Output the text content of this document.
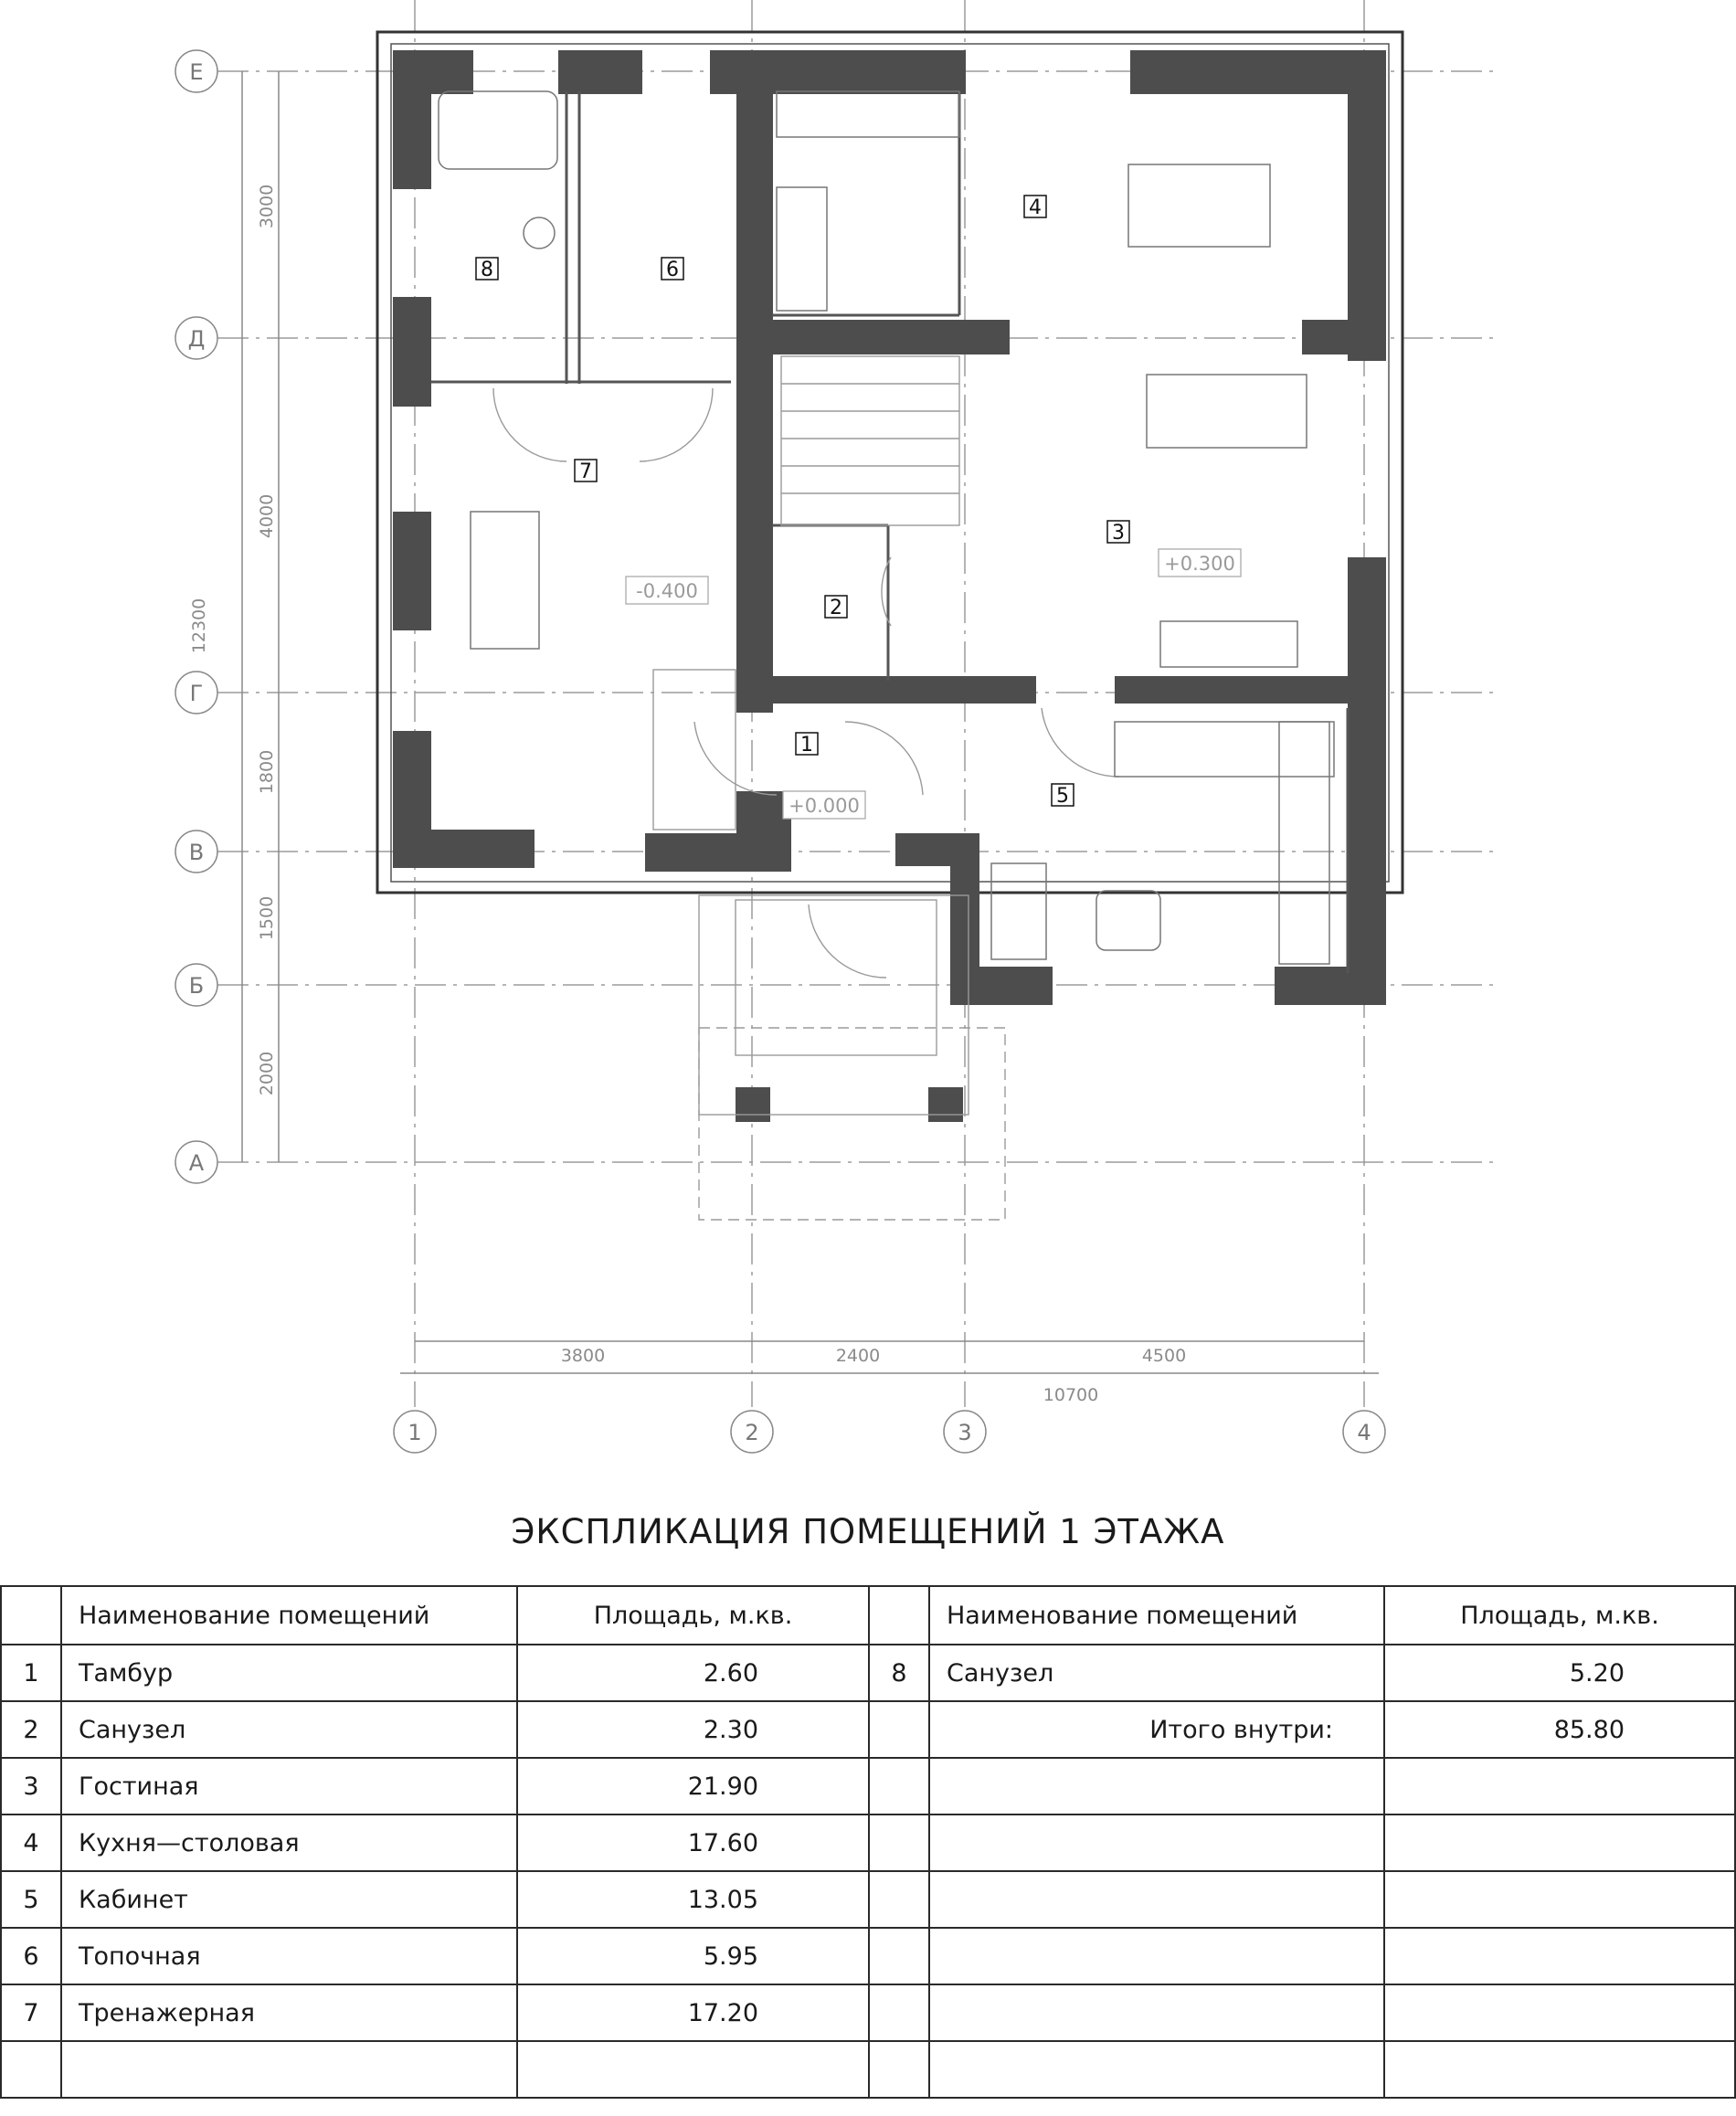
3000
4000
12300
1800
1500
2000
3800	2400	4500
10700
Е
Д
Г
В
Б
А
1	2	3	4
1
2
3
4
5
6
7
8
-0.400
+0.300
+0.000
ЭКСПЛИКАЦИЯ ПОМЕЩЕНИЙ 1 ЭТАЖА
	Наименование помещений	Площадь, м.кв.		Наименование помещений	Площадь, м.кв.
1	Тамбур	2.60	8	Санузел	5.20
2	Санузел	2.30		Итого внутри:	85.80
3	Гостиная	21.90			
4	Кухня—столовая	17.60			
5	Кабинет	13.05			
6	Топочная	5.95			
7	Тренажерная	17.20			
